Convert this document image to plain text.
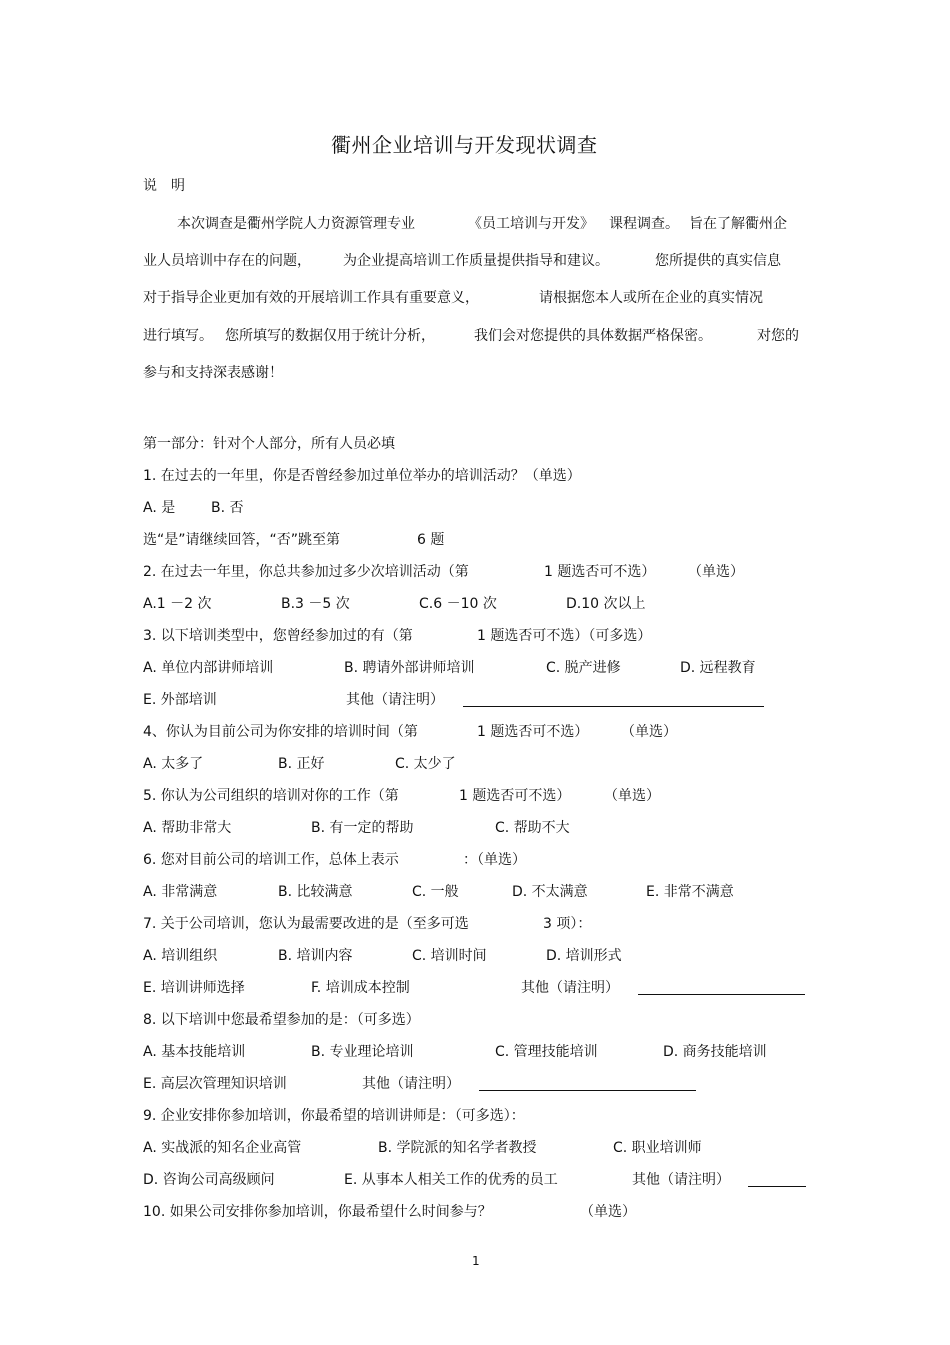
衢州企业培训与开发现状调查
说　明
本次调查是衢州学院人力资源管理专业	《员工培训与开发》 课程调查。 旨在了解衢州企
业人员培训中存在的问题， 为企业提高培训工作质量提供指导和建议。	您所提供的真实信息
对于指导企业更加有效的开展培训工作具有重要意义，	请根据您本人或所在企业的真实情况
进行填写。 您所填写的数据仅用于统计分析，	我们会对您提供的具体数据严格保密。	对您的
参与和支持深表感谢！
第一部分：针对个人部分，所有人员必填
1. 在过去的一年里，你是否曾经参加过单位举办的培训活动？（单选）
A. 是	B. 否
选“是”请继续回答，“否”跳至第	6 题
2. 在过去一年里，你总共参加过多少次培训活动（第	1 题选否可不选） （单选）
A.1 －2 次	B.3 －5 次	C.6 －10 次	D.10 次以上
3. 以下培训类型中，您曾经参加过的有（第	1 题选否可不选）（可多选）
A. 单位内部讲师培训	B. 聘请外部讲师培训	C. 脱产进修	D. 远程教育
E. 外部培训	其他（请注明）
4、你认为目前公司为你安排的培训时间（第	1 题选否可不选） （单选）
A. 太多了	B. 正好	C. 太少了
5. 你认为公司组织的培训对你的工作（第	1 题选否可不选） （单选）
A. 帮助非常大	B. 有一定的帮助	C. 帮助不大
6. 您对目前公司的培训工作，总体上表示	：（单选）
A. 非常满意	B. 比较满意	C. 一般	D. 不太满意	E. 非常不满意
7. 关于公司培训，您认为最需要改进的是（至多可选	3 项）：
A. 培训组织	B. 培训内容	C. 培训时间	D. 培训形式
E. 培训讲师选择	F. 培训成本控制	其他（请注明）
8. 以下培训中您最希望参加的是：（可多选）
A. 基本技能培训	B. 专业理论培训	C. 管理技能培训	D. 商务技能培训
E. 高层次管理知识培训	其他（请注明）
9. 企业安排你参加培训，你最希望的培训讲师是：（可多选）：
A. 实战派的知名企业高管	B. 学院派的知名学者教授	C. 职业培训师
D. 咨询公司高级顾问	E. 从事本人相关工作的优秀的员工	其他（请注明）
10. 如果公司安排你参加培训，你最希望什么时间参与？	（单选）
1
